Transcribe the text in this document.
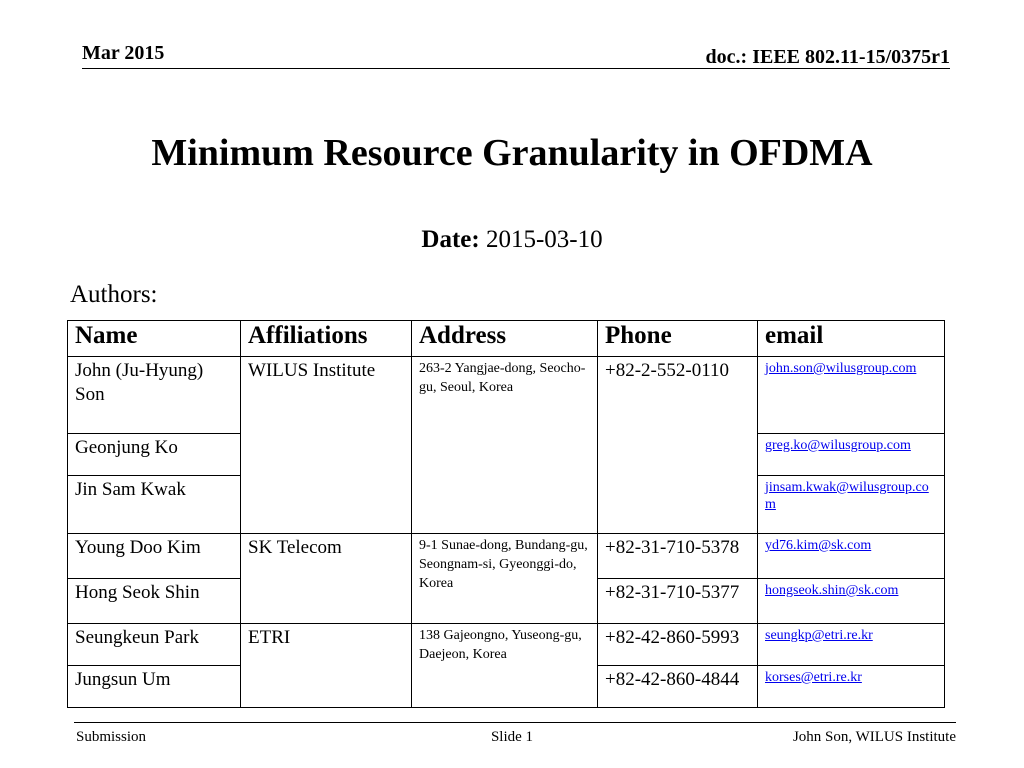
Mar 2015	doc.: IEEE 802.11-15/0375r1
Minimum Resource Granularity in OFDMA
Date: 2015-03-10
Authors:
Name	Affiliations	Address	Phone	email
John (Ju-Hyung) Son	WILUS Institute	263-2 Yangjae-dong, Seocho-gu, Seoul, Korea	+82-2-552-0110	john.son@wilusgroup.com
Geonjung Ko				greg.ko@wilusgroup.com
Jin Sam Kwak				jinsam.kwak@wilusgroup.com
Young Doo Kim	SK Telecom	9-1 Sunae-dong, Bundang-gu, Seongnam-si, Gyeonggi-do, Korea	+82-31-710-5378	yd76.kim@sk.com
Hong Seok Shin			+82-31-710-5377	hongseok.shin@sk.com
Seungkeun Park	ETRI	138 Gajeongno, Yuseong-gu, Daejeon, Korea	+82-42-860-5993	seungkp@etri.re.kr
Jungsun Um			+82-42-860-4844	korses@etri.re.kr
Submission	Slide 1	John Son, WILUS Institute
